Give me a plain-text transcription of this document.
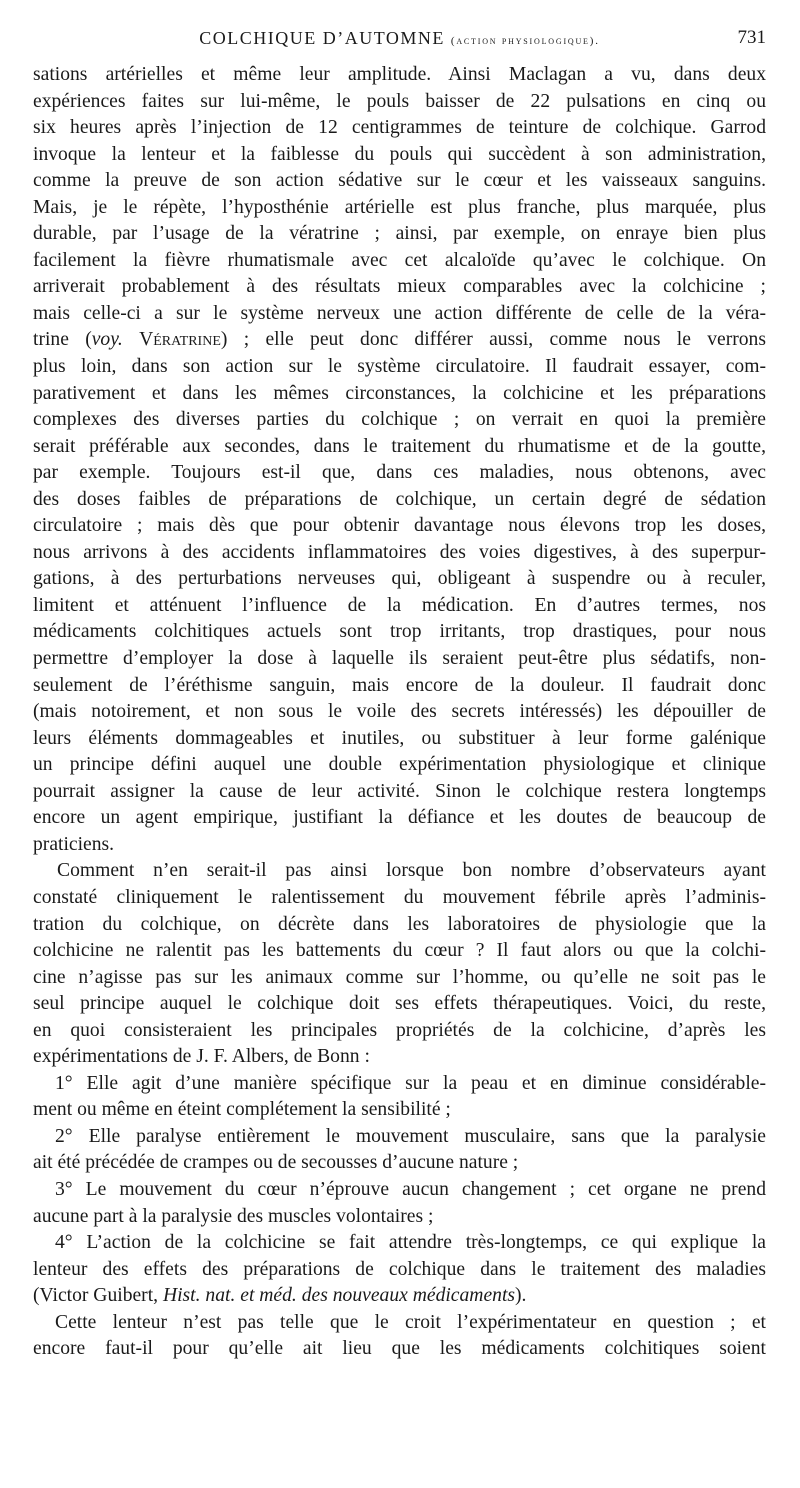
COLCHIQUE D’AUTOMNE (action physiologique).	731
sations artérielles et même leur amplitude. Ainsi Maclagan a vu, dans deux
expériences faites sur lui-même, le pouls baisser de 22 pulsations en cinq ou
six heures après l’injection de 12 centigrammes de teinture de colchique. Garrod
invoque la lenteur et la faiblesse du pouls qui succèdent à son administration,
comme la preuve de son action sédative sur le cœur et les vaisseaux sanguins.
Mais, je le répète, l’hyposthénie artérielle est plus franche, plus marquée, plus
durable, par l’usage de la vératrine ; ainsi, par exemple, on enraye bien plus
facilement la fièvre rhumatismale avec cet alcaloïde qu’avec le colchique. On
arriverait probablement à des résultats mieux comparables avec la colchicine ;
mais celle-ci a sur le système nerveux une action différente de celle de la véra-
trine (voy. Vératrine) ; elle peut donc différer aussi, comme nous le verrons
plus loin, dans son action sur le système circulatoire. Il faudrait essayer, com-
parativement et dans les mêmes circonstances, la colchicine et les préparations
complexes des diverses parties du colchique ; on verrait en quoi la première
serait préférable aux secondes, dans le traitement du rhumatisme et de la goutte,
par exemple. Toujours est-il que, dans ces maladies, nous obtenons, avec
des doses faibles de préparations de colchique, un certain degré de sédation
circulatoire ; mais dès que pour obtenir davantage nous élevons trop les doses,
nous arrivons à des accidents inflammatoires des voies digestives, à des superpur-
gations, à des perturbations nerveuses qui, obligeant à suspendre ou à reculer,
limitent et atténuent l’influence de la médication. En d’autres termes, nos
médicaments colchitiques actuels sont trop irritants, trop drastiques, pour nous
permettre d’employer la dose à laquelle ils seraient peut-être plus sédatifs, non-
seulement de l’éréthisme sanguin, mais encore de la douleur. Il faudrait donc
(mais notoirement, et non sous le voile des secrets intéressés) les dépouiller de
leurs éléments dommageables et inutiles, ou substituer à leur forme galénique
un principe défini auquel une double expérimentation physiologique et clinique
pourrait assigner la cause de leur activité. Sinon le colchique restera longtemps
encore un agent empirique, justifiant la défiance et les doutes de beaucoup de
praticiens.
Comment n’en serait-il pas ainsi lorsque bon nombre d’observateurs ayant
constaté cliniquement le ralentissement du mouvement fébrile après l’adminis-
tration du colchique, on décrète dans les laboratoires de physiologie que la
colchicine ne ralentit pas les battements du cœur ? Il faut alors ou que la colchi-
cine n’agisse pas sur les animaux comme sur l’homme, ou qu’elle ne soit pas le
seul principe auquel le colchique doit ses effets thérapeutiques. Voici, du reste,
en quoi consisteraient les principales propriétés de la colchicine, d’après les
expérimentations de J. F. Albers, de Bonn :
1° Elle agit d’une manière spécifique sur la peau et en diminue considérable-
ment ou même en éteint complétement la sensibilité ;
2° Elle paralyse entièrement le mouvement musculaire, sans que la paralysie
ait été précédée de crampes ou de secousses d’aucune nature ;
3° Le mouvement du cœur n’éprouve aucun changement ; cet organe ne prend
aucune part à la paralysie des muscles volontaires ;
4° L’action de la colchicine se fait attendre très-longtemps, ce qui explique la
lenteur des effets des préparations de colchique dans le traitement des maladies
(Victor Guibert, Hist. nat. et méd. des nouveaux médicaments).
Cette lenteur n’est pas telle que le croit l’expérimentateur en question ; et
encore faut-il pour qu’elle ait lieu que les médicaments colchitiques soient
